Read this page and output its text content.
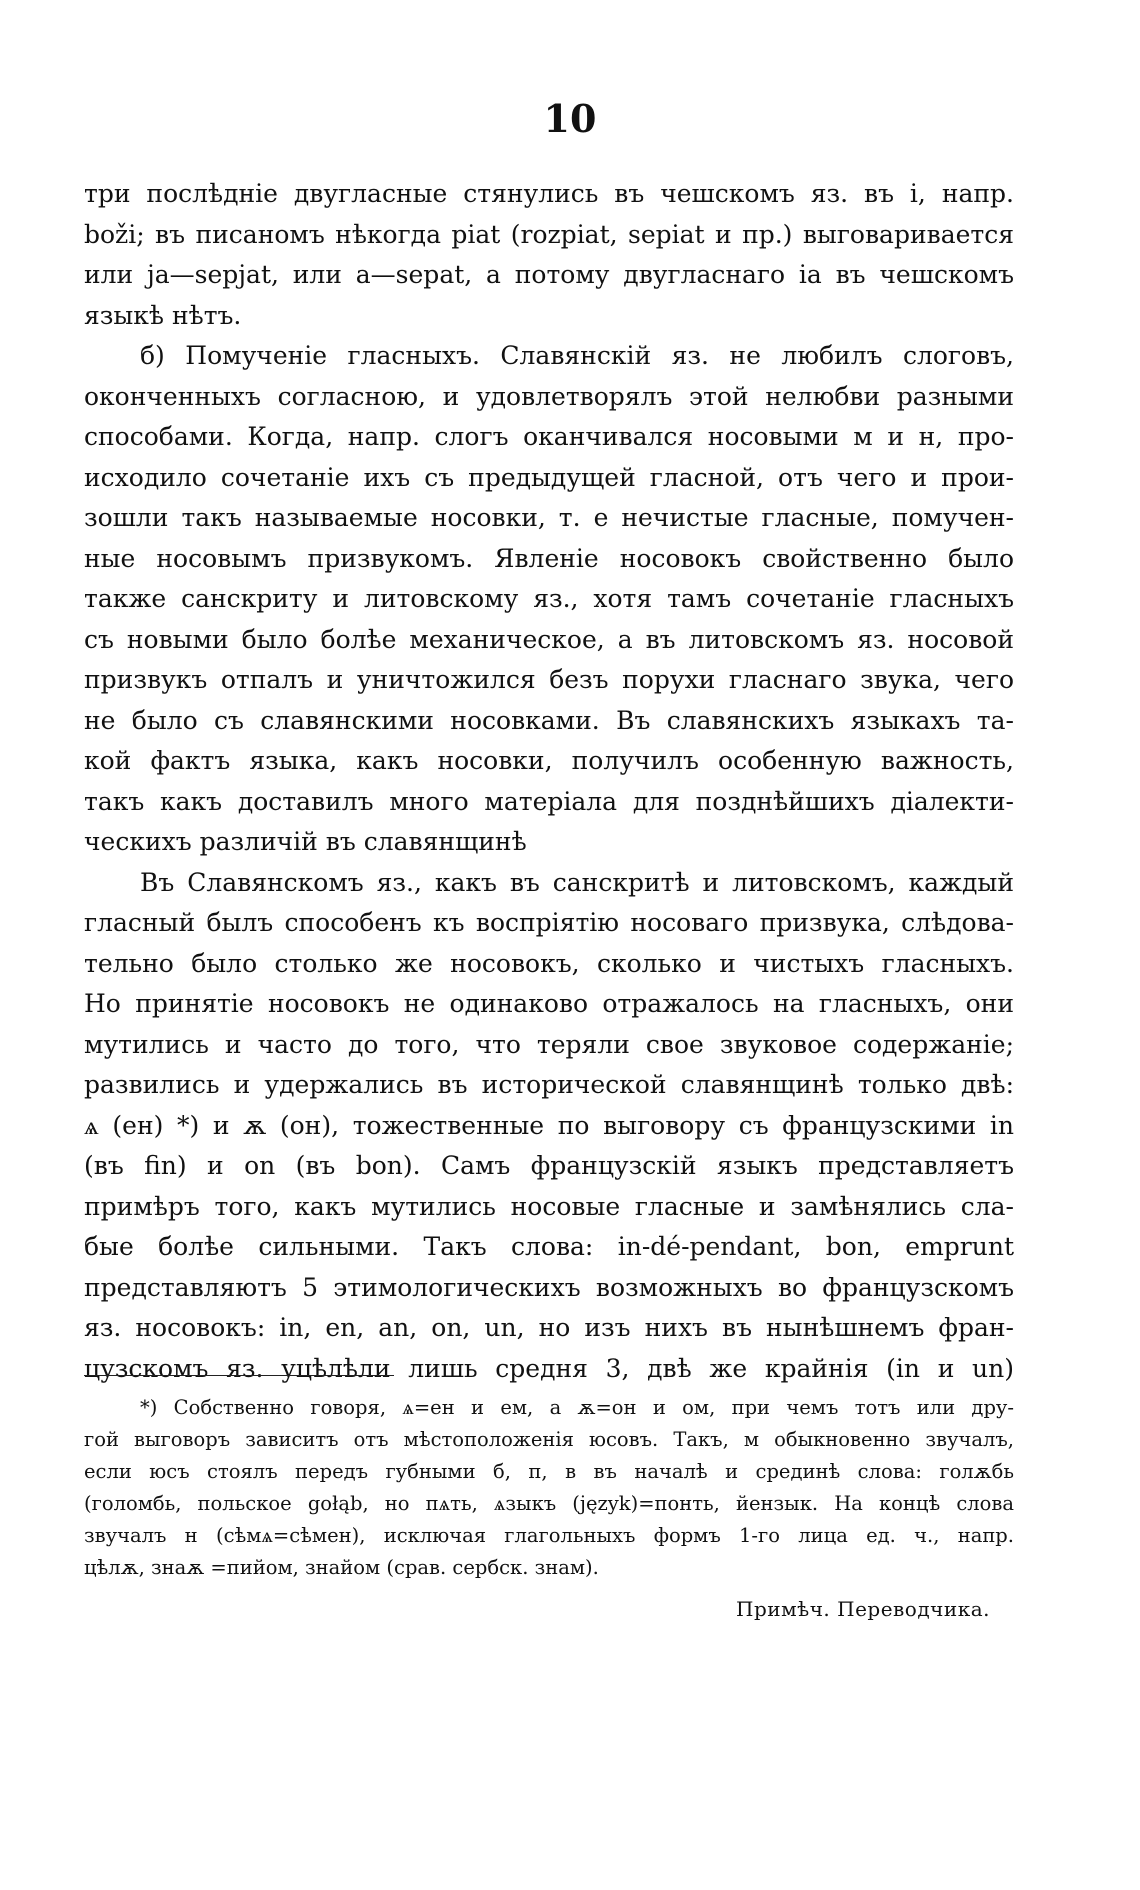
10
три послѣдніе двугласные стянулись въ чешскомъ яз. въ i, напр.
boži; въ писаномъ нѣкогда piat (rozpiat, sepiat и пр.) выговаривается
или ja—sepjat, или a—sepat, а потому двугласнаго ia въ чешскомъ
языкѣ нѣтъ.
б) Помученіе гласныхъ. Славянскій яз. не любилъ слоговъ,
оконченныхъ согласною, и удовлетворялъ этой нелюбви разными
способами. Когда, напр. слогъ оканчивался носовыми м и н, про-
исходило сочетаніе ихъ съ предыдущей гласной, отъ чего и прои-
зошли такъ называемые носовки, т. е нечистые гласные, помучен-
ные носовымъ призвукомъ. Явленіе носовокъ свойственно было
также санскриту и литовскому яз., хотя тамъ сочетаніе гласныхъ
съ новыми было болѣе механическое, а въ литовскомъ яз. носовой
призвукъ отпалъ и уничтожился безъ порухи гласнаго звука, чего
не было съ славянскими носовками. Въ славянскихъ языкахъ та-
кой фактъ языка, какъ носовки, получилъ особенную важность,
такъ какъ доставилъ много матеріала для позднѣйшихъ діалекти-
ческихъ различій въ славянщинѣ
Въ Славянскомъ яз., какъ въ санскритѣ и литовскомъ, каждый
гласный былъ способенъ къ воспріятію носоваго призвука, слѣдова-
тельно было столько же носовокъ, сколько и чистыхъ гласныхъ.
Но принятіе носовокъ не одинаково отражалось на гласныхъ, они
мутились и часто до того, что теряли свое звуковое содержаніе;
развились и удержались въ исторической славянщинѣ только двѣ:
ѧ (ен) *) и ѫ (он), тожественные по выговору съ французскими in
(въ fin) и on (въ bon). Самъ французскій языкъ представляетъ
примѣръ того, какъ мутились носовые гласные и замѣнялись сла-
бые болѣе сильными. Такъ слова: in-dé-pendant, bon, emprunt
представляютъ 5 этимологическихъ возможныхъ во французскомъ
яз. носовокъ: in, en, an, on, un, но изъ нихъ въ нынѣшнемъ фран-
цузскомъ яз. уцѣлѣли лишь средня 3, двѣ же крайнія (in и un)
*) Собственно говоря, ѧ=ен и ем, а ѫ=он и ом, при чемъ тотъ или дру-
гой выговоръ зависитъ отъ мѣстоположенія юсовъ. Такъ, м обыкновенно звучалъ,
если юсъ стоялъ передъ губными б, п, в въ началѣ и срединѣ слова: голѫбь
(голомбь, польское gołąb, но пѧть, ѧзыкъ (język)=понть, йензык. На концѣ слова
звучалъ н (сѣмѧ=сѣмен), исключая глагольныхъ формъ 1-го лица ед. ч., напр.
цѣлѫ, знаѫ =пийом, знайом (срав. сербск. знам).
Примѣч. Переводчика.
